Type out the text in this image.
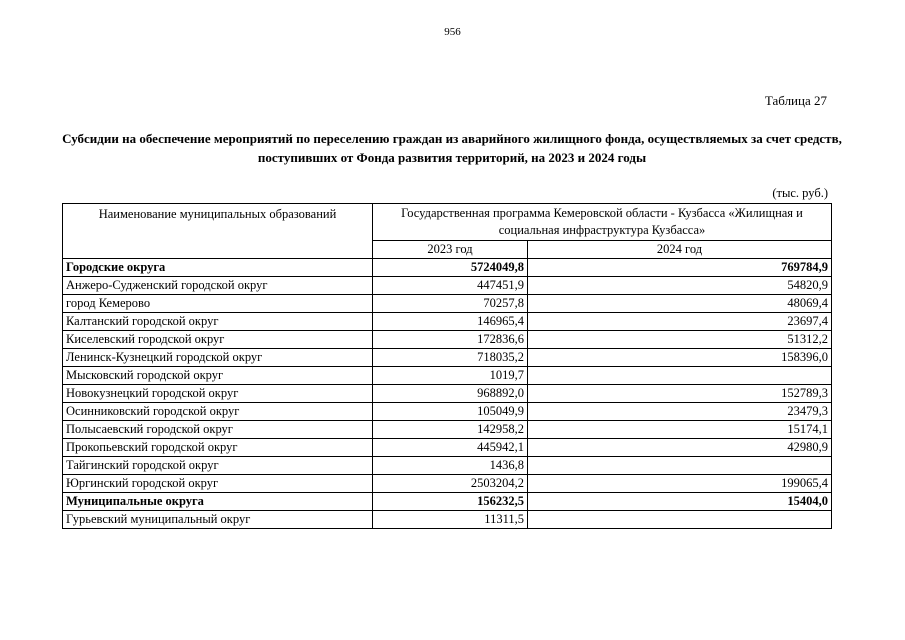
956
Таблица 27
Субсидии на обеспечение мероприятий по переселению граждан из аварийного жилищного фонда, осуществляемых за счет средств, поступивших от Фонда развития территорий, на 2023 и 2024 годы
(тыс. руб.)
Наименование муниципальных образований	Государственная программа Кемеровской области - Кузбасса «Жилищная и социальная инфраструктура Кузбасса»	
	2023 год	2024 год
Городские округа	5724049,8	769784,9
Анжеро-Судженский городской округ	447451,9	54820,9
город Кемерово	70257,8	48069,4
Калтанский городской округ	146965,4	23697,4
Киселевский городской округ	172836,6	51312,2
Ленинск-Кузнецкий городской округ	718035,2	158396,0
Мысковский городской округ	1019,7	
Новокузнецкий городской округ	968892,0	152789,3
Осинниковский городской округ	105049,9	23479,3
Полысаевский городской округ	142958,2	15174,1
Прокопьевский городской округ	445942,1	42980,9
Тайгинский городской округ	1436,8	
Юргинский городской округ	2503204,2	199065,4
Муниципальные округа	156232,5	15404,0
Гурьевский муниципальный округ	11311,5	
